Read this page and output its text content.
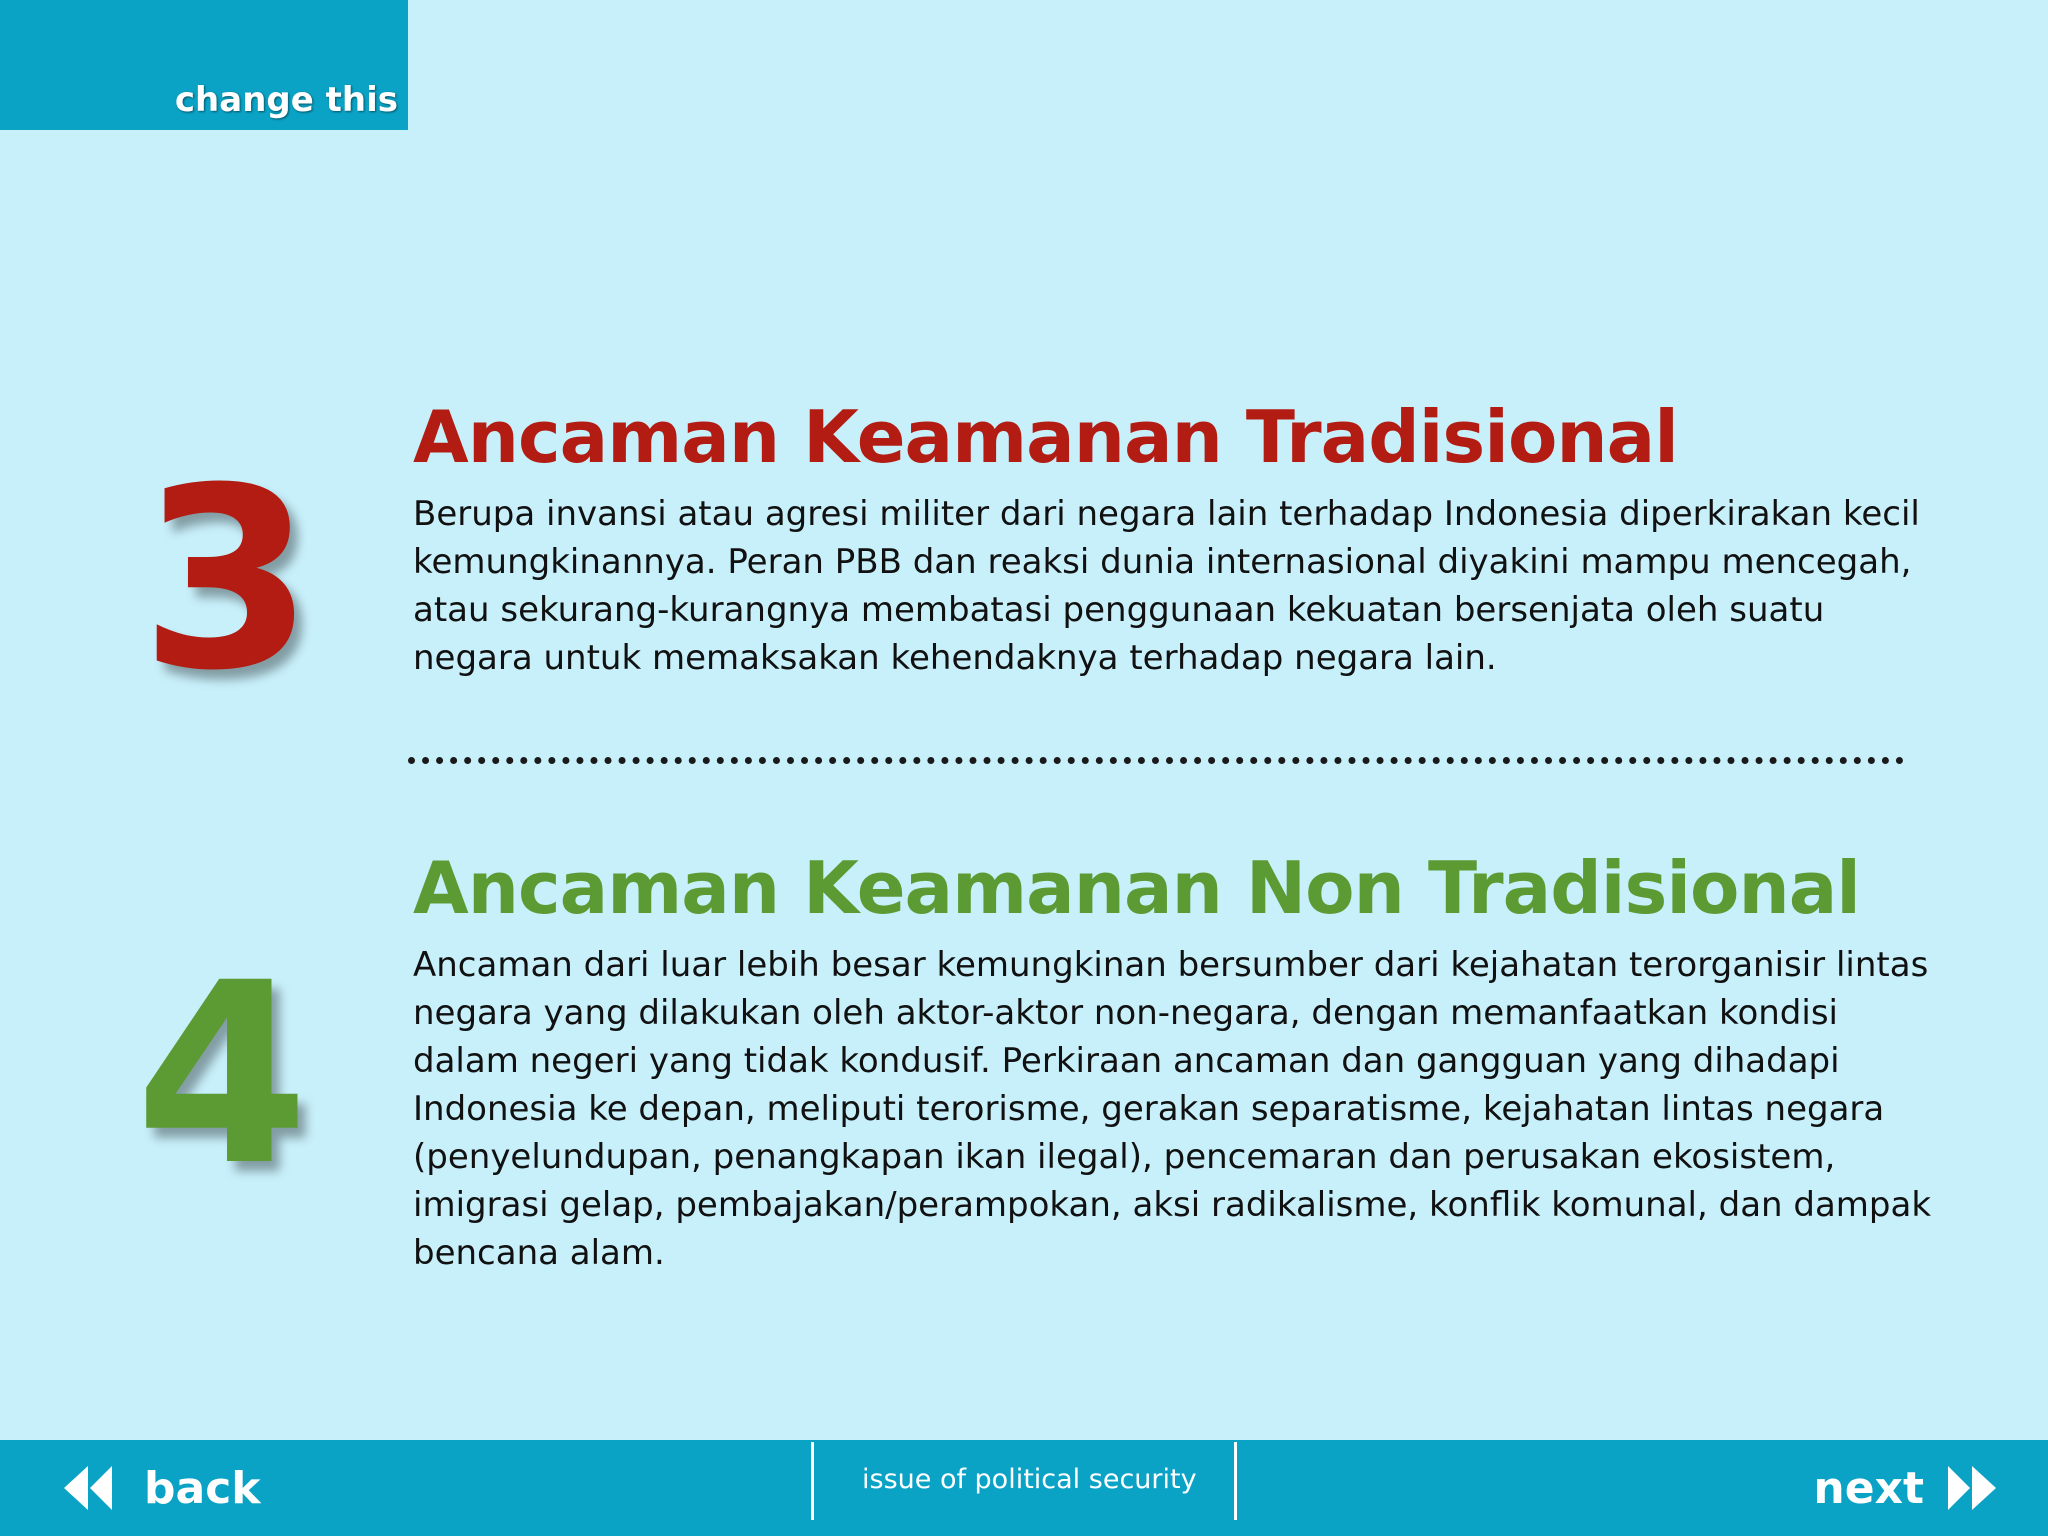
change this
3 Ancaman Keamanan Tradisional
Berupa invansi atau agresi militer dari negara lain terhadap Indonesia diperkirakan kecil kemungkinannya. Peran PBB dan reaksi dunia internasional diyakini mampu mencegah, atau sekurang-kurangnya membatasi penggunaan kekuatan bersenjata oleh suatu negara untuk memaksakan kehendaknya terhadap negara lain.
4
Ancaman Keamanan Non Tradisional
Ancaman dari luar lebih besar kemungkinan bersumber dari kejahatan terorganisir lintas negara yang dilakukan oleh aktor-aktor non-negara, dengan memanfaatkan kondisi dalam negeri yang tidak kondusif. Perkiraan ancaman dan gangguan yang dihadapi Indonesia ke depan, meliputi terorisme, gerakan separatisme, kejahatan lintas negara (penyelundupan, penangkapan ikan ilegal), pencemaran dan perusakan ekosistem, imigrasi gelap, pembajakan/perampokan, aksi radikalisme, konflik komunal, dan dampak bencana alam.
back	issue of political security	next
